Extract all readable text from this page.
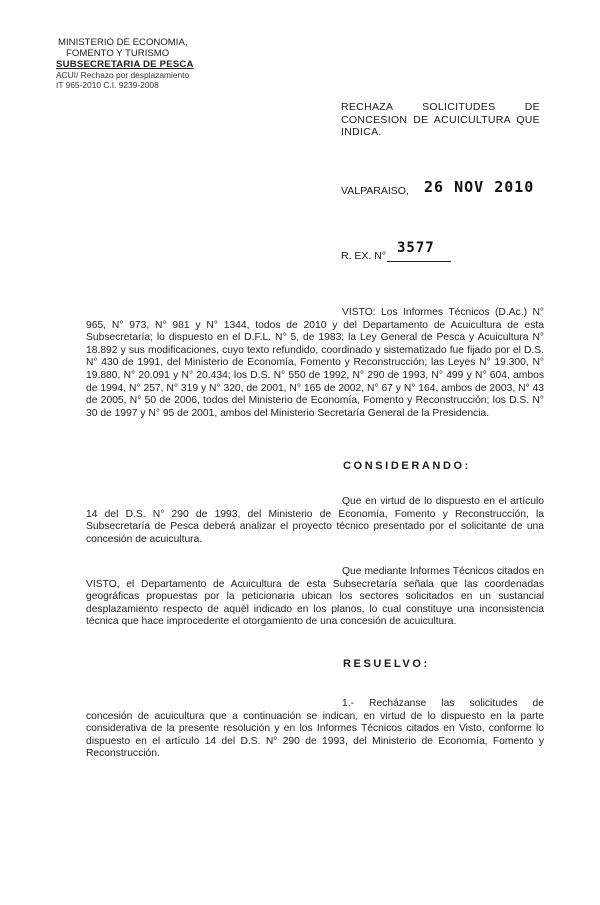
MINISTERIO DE ECONOMIA,
FOMENTO Y TURISMO
SUBSECRETARIA DE PESCA
ACUI/ Rechazo por desplazamiento
IT 965-2010 C.I. 9239-2008
RECHAZA SOLICITUDES DE
CONCESION DE ACUICULTURA QUE
INDICA.
VALPARAISO, 26 NOV 2010
R. EX. N° 3577
VISTO: Los Informes Técnicos (D.Ac.) N°
965, N° 973, N° 981 y N° 1344, todos de 2010 y del Departamento de Acuicultura de esta Subsecretaría; lo dispuesto en el D.F.L. N° 5, de 1983; la Ley General de Pesca y Acuicultura N° 18.892 y sus modificaciones, cuyo texto refundido, coordinado y sistematizado fue fijado por el D.S. N° 430 de 1991, del Ministerio de Economía, Fomento y Reconstrucción; las Leyes N° 19.300, N° 19.880, N° 20.091 y N° 20.434; los D.S. N° 550 de 1992, N° 290 de 1993, N° 499 y N° 604, ambos de 1994, N° 257, N° 319 y N° 320, de 2001, N° 165 de 2002, N° 67 y N° 164, ambos de 2003, N° 43 de 2005, N° 50 de 2006, todos del Ministerio de Economía, Fomento y Reconstrucción; los D.S. N° 30 de 1997 y N° 95 de 2001, ambos del Ministerio Secretaría General de la Presidencia.
CONSIDERANDO:
Que en virtud de lo dispuesto en el artículo 14 del D.S. N° 290 de 1993, del Ministerio de Economía, Fomento y Reconstrucción, la Subsecretaría de Pesca deberá analizar el proyecto técnico presentado por el solicitante de una concesión de acuicultura.
Que mediante Informes Técnicos citados en VISTO, el Departamento de Acuicultura de esta Subsecretaría señala que las coordenadas geográficas propuestas por la peticionaria ubican los sectores solicitados en un sustancial desplazamiento respecto de aquél indicado en los planos, lo cual constituye una inconsistencia técnica que hace improcedente el otorgamiento de una concesión de acuicultura.
RESUELVO:
1.- Recházanse las solicitudes de concesión de acuicultura que a continuación se indican, en virtud de lo dispuesto en la parte considerativa de la presente resolución y en los Informes Técnicos citados en Visto, conforme lo dispuesto en el artículo 14 del D.S. N° 290 de 1993, del Ministerio de Economía, Fomento y Reconstrucción.
